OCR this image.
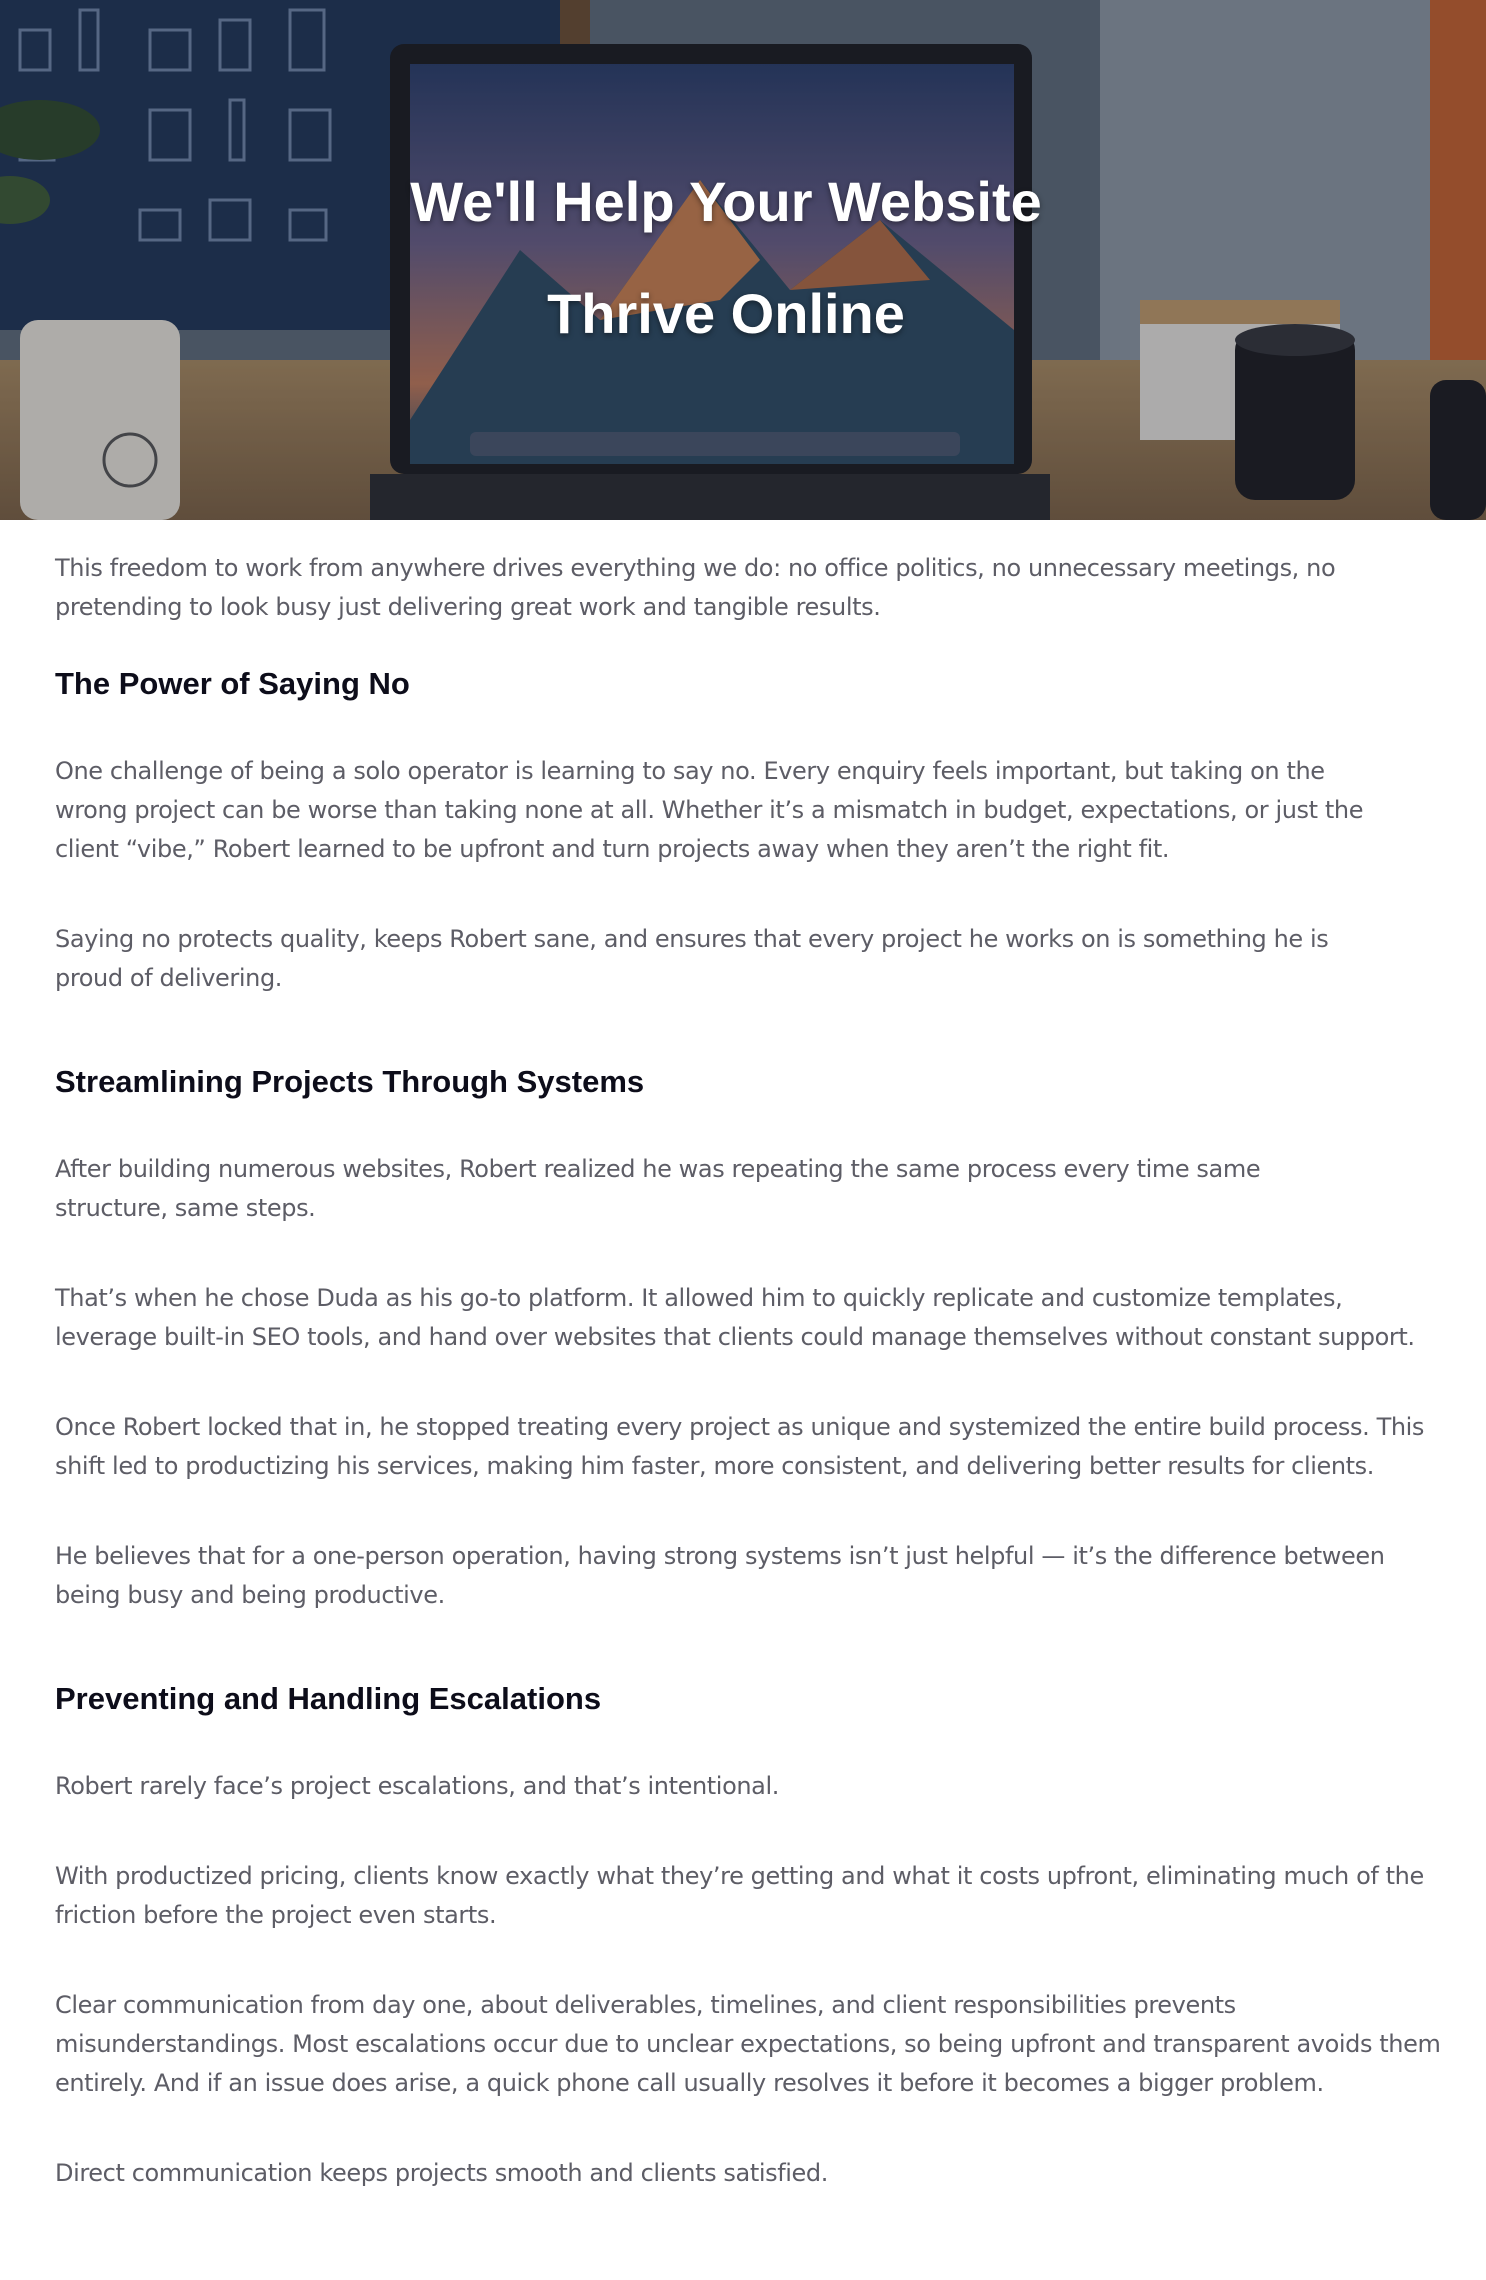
We'll Help Your Website
Thrive Online

This freedom to work from anywhere drives everything we do: no office politics, no unnecessary meetings, no pretending to look busy just delivering great work and tangible results.

The Power of Saying No

One challenge of being a solo operator is learning to say no. Every enquiry feels important, but taking on the wrong project can be worse than taking none at all. Whether it’s a mismatch in budget, expectations, or just the client “vibe,” Robert learned to be upfront and turn projects away when they aren’t the right fit.

Saying no protects quality, keeps Robert sane, and ensures that every project he works on is something he is proud of delivering.

Streamlining Projects Through Systems

After building numerous websites, Robert realized he was repeating the same process every time same structure, same steps.

That’s when he chose Duda as his go-to platform. It allowed him to quickly replicate and customize templates, leverage built-in SEO tools, and hand over websites that clients could manage themselves without constant support.

Once Robert locked that in, he stopped treating every project as unique and systemized the entire build process. This shift led to productizing his services, making him faster, more consistent, and delivering better results for clients.

He believes that for a one-person operation, having strong systems isn’t just helpful — it’s the difference between being busy and being productive.

Preventing and Handling Escalations

Robert rarely face’s project escalations, and that’s intentional.

With productized pricing, clients know exactly what they’re getting and what it costs upfront, eliminating much of the friction before the project even starts.

Clear communication from day one, about deliverables, timelines, and client responsibilities prevents misunderstandings. Most escalations occur due to unclear expectations, so being upfront and transparent avoids them entirely. And if an issue does arise, a quick phone call usually resolves it before it becomes a bigger problem.

Direct communication keeps projects smooth and clients satisfied.
